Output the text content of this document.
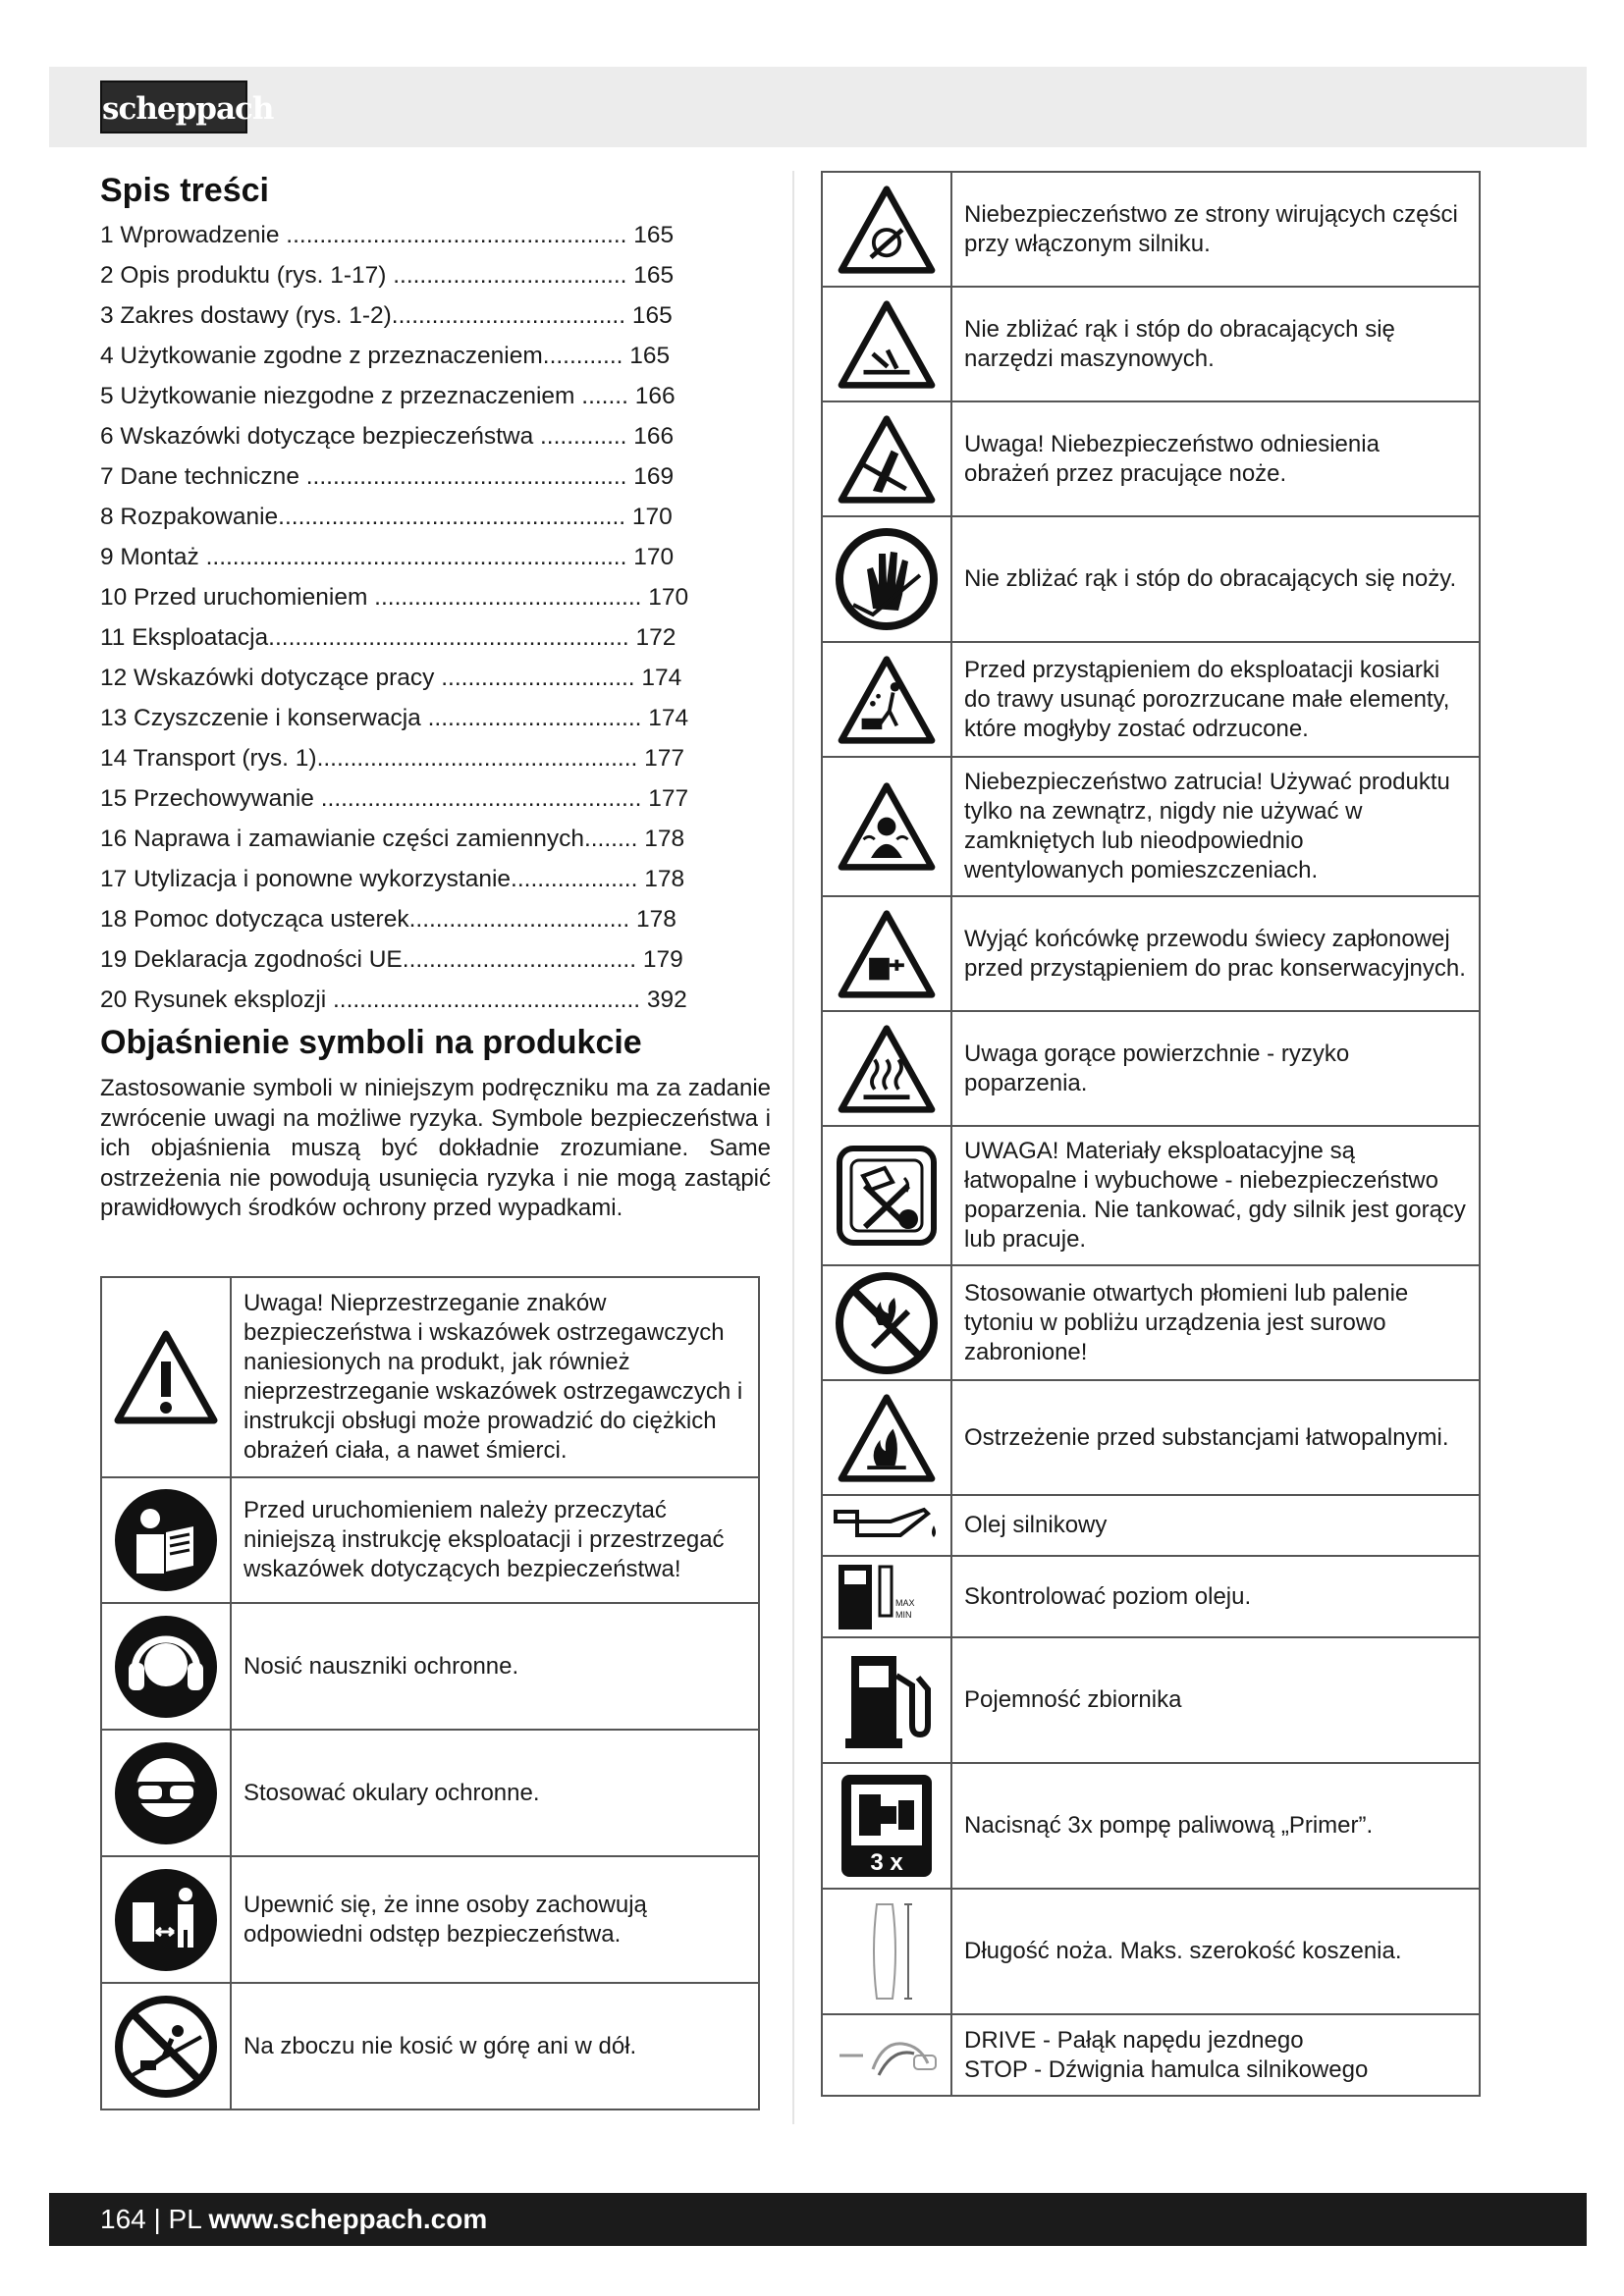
scheppach
Spis treści
1 Wprowadzenie ................................................... 165
2 Opis produktu (rys. 1-17) ................................... 165
3 Zakres dostawy (rys. 1-2)................................... 165
4 Użytkowanie zgodne z przeznaczeniem............ 165
5 Użytkowanie niezgodne z przeznaczeniem ....... 166
6 Wskazówki dotyczące bezpieczeństwa ............. 166
7 Dane techniczne ................................................ 169
8 Rozpakowanie.................................................... 170
9 Montaż ............................................................... 170
10 Przed uruchomieniem ........................................ 170
11 Eksploatacja...................................................... 172
12 Wskazówki dotyczące pracy ............................. 174
13 Czyszczenie i konserwacja ................................ 174
14 Transport (rys. 1)................................................ 177
15 Przechowywanie ................................................ 177
16 Naprawa i zamawianie części zamiennych........ 178
17 Utylizacja i ponowne wykorzystanie................... 178
18 Pomoc dotycząca usterek................................. 178
19 Deklaracja zgodności UE................................... 179
20 Rysunek eksplozji .............................................. 392
Objaśnienie symboli na produkcie

Zastosowanie symboli w niniejszym podręczniku ma za zadanie zwrócenie uwagi na możliwe ryzyka. Symbole bezpieczeństwa i ich objaśnienia muszą być dokładnie zrozumiane. Same ostrzeżenia nie powodują usunięcia ryzyka i nie mogą zastąpić prawidłowych środków ochrony przed wypadkami.

	Uwaga! Nieprzestrzeganie znaków bezpieczeństwa i wskazówek ostrzegawczych naniesionych na produkt, jak również nieprzestrzeganie wskazówek ostrzegawczych i instrukcji obsługi może prowadzić do ciężkich obrażeń ciała, a nawet śmierci.

	Przed uruchomieniem należy przeczytać niniejszą instrukcję eksploatacji i przestrzegać wskazówek dotyczących bezpieczeństwa!

	Nosić nauszniki ochronne.

	Stosować okulary ochronne.

	Upewnić się, że inne osoby zachowują odpowiedni odstęp bezpieczeństwa.

	Na zboczu nie kosić w górę ani w dół.
	Niebezpieczeństwo ze strony wirujących części przy włączonym silniku.

	Nie zbliżać rąk i stóp do obracających się narzędzi maszynowych.

	Uwaga! Niebezpieczeństwo odniesienia obrażeń przez pracujące noże.

	Nie zbliżać rąk i stóp do obracających się noży.

	Przed przystąpieniem do eksploatacji kosiarki do trawy usunąć porozrzucane małe elementy, które mogłyby zostać odrzucone.

	Niebezpieczeństwo zatrucia! Używać produktu tylko na zewnątrz, nigdy nie używać w zamkniętych lub nieodpowiednio wentylowanych pomieszczeniach.

	Wyjąć końcówkę przewodu świecy zapłonowej przed przystąpieniem do prac konserwacyjnych.

	Uwaga gorące powierzchnie - ryzyko poparzenia.

	UWAGA! Materiały eksploatacyjne są łatwopalne i wybuchowe - niebezpieczeństwo poparzenia. Nie tankować, gdy silnik jest gorący lub pracuje.

	Stosowanie otwartych płomieni lub palenie tytoniu w pobliżu urządzenia jest surowo zabronione!

	Ostrzeżenie przed substancjami łatwopalnymi.

	Olej silnikowy

MAX
MIN	Skontrolować poziom oleju.

	Pojemność zbiornika

3 x	Nacisnąć 3x pompę paliwową „Primer”.

	Długość noża. Maks. szerokość koszenia.

	DRIVE - Pałąk napędu jezdnego
STOP - Dźwignia hamulca silnikowego
164 | PL www.scheppach.com
